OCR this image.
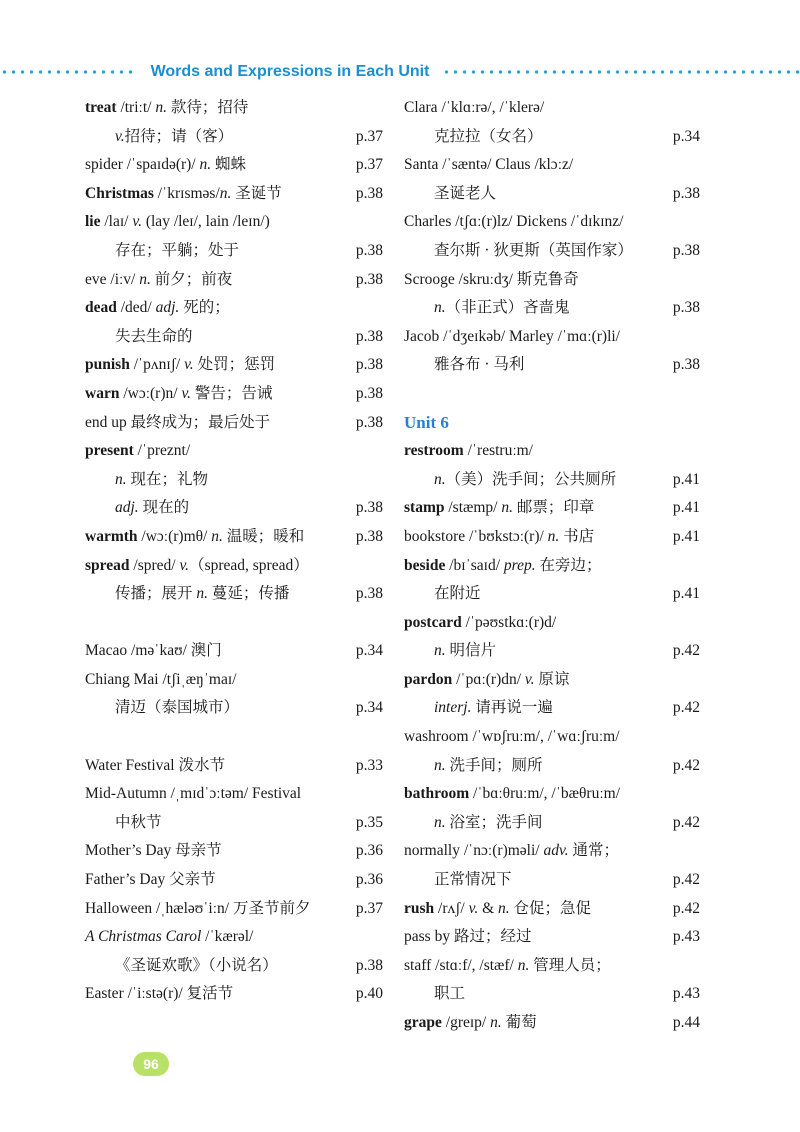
Words and Expressions in Each Unit
treat /triːt/ n. 款待；招待
v.招待；请（客）	p.37
spider /ˈspaɪdə(r)/ n. 蜘蛛	p.37
Christmas /ˈkrɪsməs/n. 圣诞节	p.38
lie /laɪ/ v. (lay /leɪ/, lain /leɪn/)
存在；平躺；处于	p.38
eve /iːv/ n. 前夕；前夜	p.38
dead /ded/ adj. 死的；
失去生命的	p.38
punish /ˈpʌnɪʃ/ v. 处罚；惩罚	p.38
warn /wɔː(r)n/ v. 警告；告诫	p.38
end up 最终成为；最后处于	p.38
present /ˈpreznt/
n. 现在；礼物
adj. 现在的	p.38
warmth /wɔː(r)mθ/ n. 温暖；暖和	p.38
spread /spred/ v.（spread, spread）
传播；展开 n. 蔓延；传播	p.38
Macao /məˈkaʊ/ 澳门	p.34
Chiang Mai /tʃiˌæŋˈmaɪ/
清迈（泰国城市）	p.34
Water Festival 泼水节	p.33
Mid-Autumn /ˌmɪdˈɔːtəm/ Festival
中秋节	p.35
Mother’s Day 母亲节	p.36
Father’s Day 父亲节	p.36
Halloween /ˌhæləʊˈiːn/ 万圣节前夕	p.37
A Christmas Carol /ˈkærəl/
《圣诞欢歌》（小说名）	p.38
Easter /ˈiːstə(r)/ 复活节	p.40
Clara /ˈklɑːrə/, /ˈklerə/
克拉拉（女名）	p.34
Santa /ˈsæntə/ Claus /klɔːz/
圣诞老人	p.38
Charles /tʃɑː(r)lz/ Dickens /ˈdɪkɪnz/
查尔斯 · 狄更斯（英国作家）	p.38
Scrooge /skruːdʒ/ 斯克鲁奇
n.（非正式）吝啬鬼	p.38
Jacob /ˈdʒeɪkəb/ Marley /ˈmɑː(r)li/
雅各布 · 马利	p.38
Unit 6
restroom /ˈrestruːm/
n.（美）洗手间；公共厕所	p.41
stamp /stæmp/ n. 邮票；印章	p.41
bookstore /ˈbʊkstɔː(r)/ n. 书店	p.41
beside /bɪˈsaɪd/ prep. 在旁边；
在附近	p.41
postcard /ˈpəʊstkɑː(r)d/
n. 明信片	p.42
pardon /ˈpɑː(r)dn/ v. 原谅
interj. 请再说一遍	p.42
washroom /ˈwɒʃruːm/, /ˈwɑːʃruːm/
n. 洗手间；厕所	p.42
bathroom /ˈbɑːθruːm/, /ˈbæθruːm/
n. 浴室；洗手间	p.42
normally /ˈnɔː(r)məli/ adv. 通常；
正常情况下	p.42
rush /rʌʃ/ v. & n. 仓促；急促	p.42
pass by 路过；经过	p.43
staff /stɑːf/, /stæf/ n. 管理人员；
职工	p.43
grape /greɪp/ n. 葡萄	p.44
96
